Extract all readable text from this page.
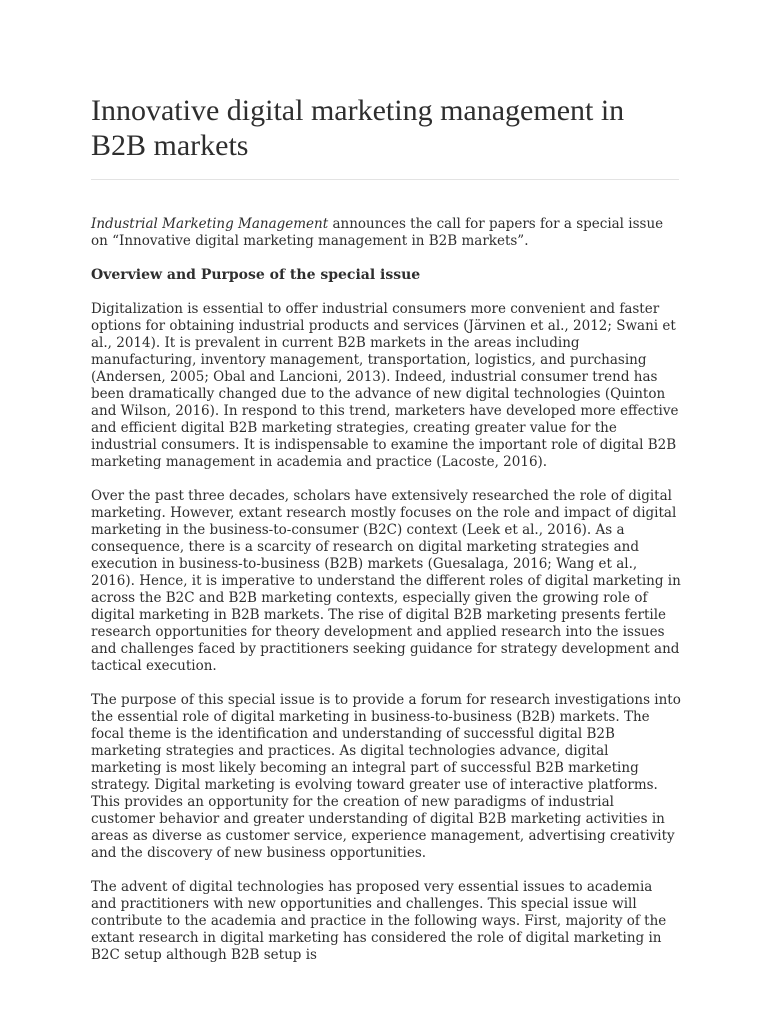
Innovative digital marketing management in B2B markets

Industrial Marketing Management announces the call for papers for a special issue on “Innovative digital marketing management in B2B markets”.

Overview and Purpose of the special issue

Digitalization is essential to offer industrial consumers more convenient and faster options for obtaining industrial products and services (Järvinen et al., 2012; Swani et al., 2014). It is prevalent in current B2B markets in the areas including manufacturing, inventory management, transportation, logistics, and purchasing (Andersen, 2005; Obal and Lancioni, 2013). Indeed, industrial consumer trend has been dramatically changed due to the advance of new digital technologies (Quinton and Wilson, 2016). In respond to this trend, marketers have developed more effective and efficient digital B2B marketing strategies, creating greater value for the industrial consumers. It is indispensable to examine the important role of digital B2B marketing management in academia and practice (Lacoste, 2016).

Over the past three decades, scholars have extensively researched the role of digital marketing. However, extant research mostly focuses on the role and impact of digital marketing in the business-to-consumer (B2C) context (Leek et al., 2016). As a consequence, there is a scarcity of research on digital marketing strategies and execution in business-to-business (B2B) markets (Guesalaga, 2016; Wang et al., 2016). Hence, it is imperative to understand the different roles of digital marketing in across the B2C and B2B marketing contexts, especially given the growing role of digital marketing in B2B markets. The rise of digital B2B marketing presents fertile research opportunities for theory development and applied research into the issues and challenges faced by practitioners seeking guidance for strategy development and tactical execution.

The purpose of this special issue is to provide a forum for research investigations into the essential role of digital marketing in business-to-business (B2B) markets. The focal theme is the identification and understanding of successful digital B2B marketing strategies and practices. As digital technologies advance, digital marketing is most likely becoming an integral part of successful B2B marketing strategy. Digital marketing is evolving toward greater use of interactive platforms. This provides an opportunity for the creation of new paradigms of industrial customer behavior and greater understanding of digital B2B marketing activities in areas as diverse as customer service, experience management, advertising creativity and the discovery of new business opportunities.

The advent of digital technologies has proposed very essential issues to academia and practitioners with new opportunities and challenges. This special issue will contribute to the academia and practice in the following ways. First, majority of the extant research in digital marketing has considered the role of digital marketing in B2C setup although B2B setup is
